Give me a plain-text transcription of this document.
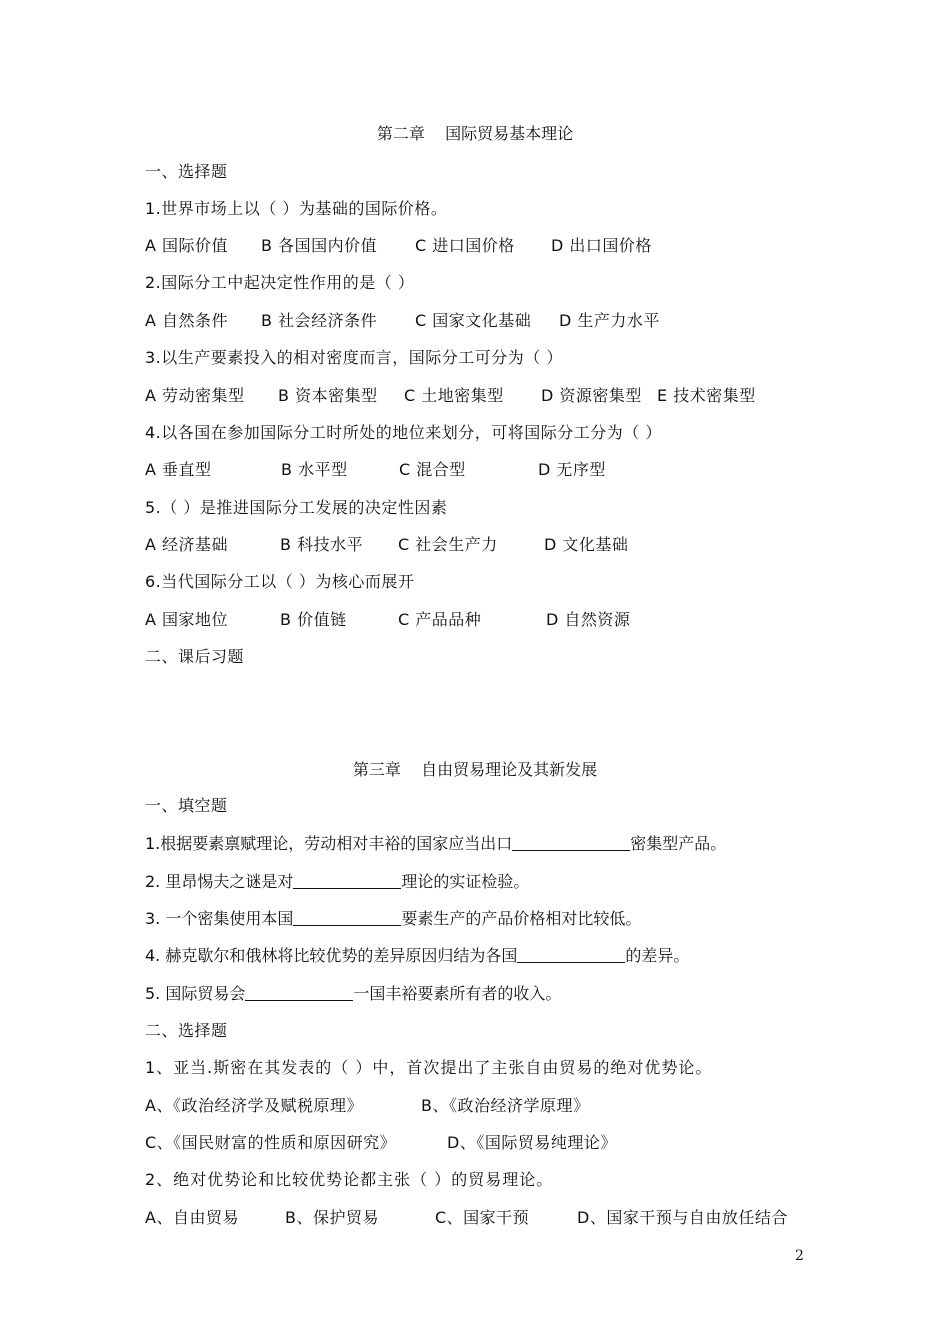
第二章    国际贸易基本理论
一、选择题
1.世界市场上以（ ）为基础的国际价格。
A 国际价值 B 各国国内价值 C 进口国价格 D 出口国价格
2.国际分工中起决定性作用的是（ ）
A 自然条件 B 社会经济条件 C 国家文化基础 D 生产力水平
3.以生产要素投入的相对密度而言，国际分工可分为（ ）
A 劳动密集型 B 资本密集型 C 土地密集型 D 资源密集型 E 技术密集型
4.以各国在参加国际分工时所处的地位来划分，可将国际分工分为（ ）
A 垂直型	B 水平型	C 混合型	D 无序型
5.（ ）是推进国际分工发展的决定性因素
A 经济基础	B 科技水平 C 社会生产力	D 文化基础
6.当代国际分工以（ ）为核心而展开
A 国家地位	B 价值链	C 产品品种	D 自然资源
二、课后习题
第三章    自由贸易理论及其新发展
一、填空题
1.根据要素禀赋理论，劳动相对丰裕的国家应当出口	密集型产品。
2. 里昂惕夫之谜是对	理论的实证检验。
3. 一个密集使用本国	要素生产的产品价格相对比较低。
4. 赫克歇尔和俄林将比较优势的差异原因归结为各国	的差异。
5. 国际贸易会	一国丰裕要素所有者的收入。
二、选择题
1、亚当.斯密在其发表的（ ）中，首次提出了主张自由贸易的绝对优势论。
A、《政治经济学及赋税原理》	B、《政治经济学原理》
C、《国民财富的性质和原因研究》	D、《国际贸易纯理论》
2、绝对优势论和比较优势论都主张（ ）的贸易理论。
A、自由贸易	B、保护贸易	C、国家干预	D、国家干预与自由放任结合
2
